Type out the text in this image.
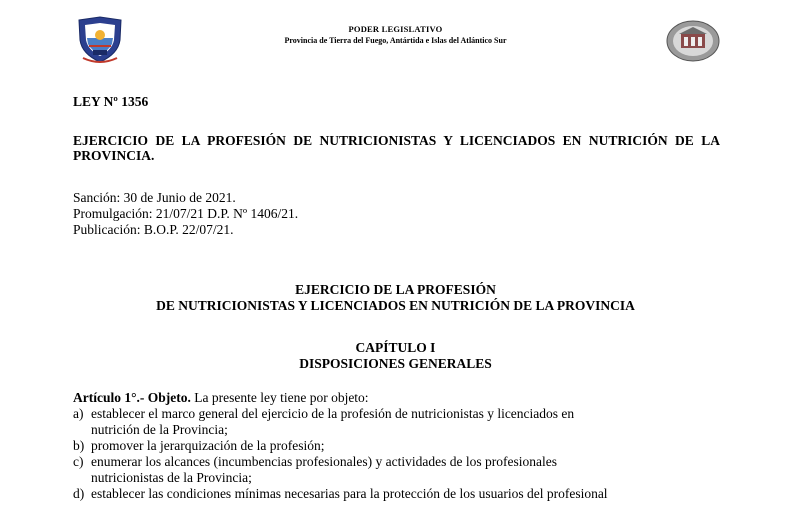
PODER LEGISLATIVO
Provincia de Tierra del Fuego, Antártida e Islas del Atlántico Sur
LEY Nº 1356
EJERCICIO DE LA PROFESIÓN DE NUTRICIONISTAS Y LICENCIADOS EN NUTRICIÓN DE LA PROVINCIA.
Sanción: 30 de Junio de 2021.
Promulgación: 21/07/21 D.P. Nº 1406/21.
Publicación: B.O.P. 22/07/21.
EJERCICIO DE LA PROFESIÓN
DE NUTRICIONISTAS Y LICENCIADOS EN NUTRICIÓN DE LA PROVINCIA
CAPÍTULO I
DISPOSICIONES GENERALES
Artículo 1°.- Objeto. La presente ley tiene por objeto:
a) establecer el marco general del ejercicio de la profesión de nutricionistas y licenciados en
nutrición de la Provincia;
b) promover la jerarquización de la profesión;
c) enumerar los alcances (incumbencias profesionales) y actividades de los profesionales
nutricionistas de la Provincia;
d) establecer las condiciones mínimas necesarias para la protección de los usuarios del profesional
